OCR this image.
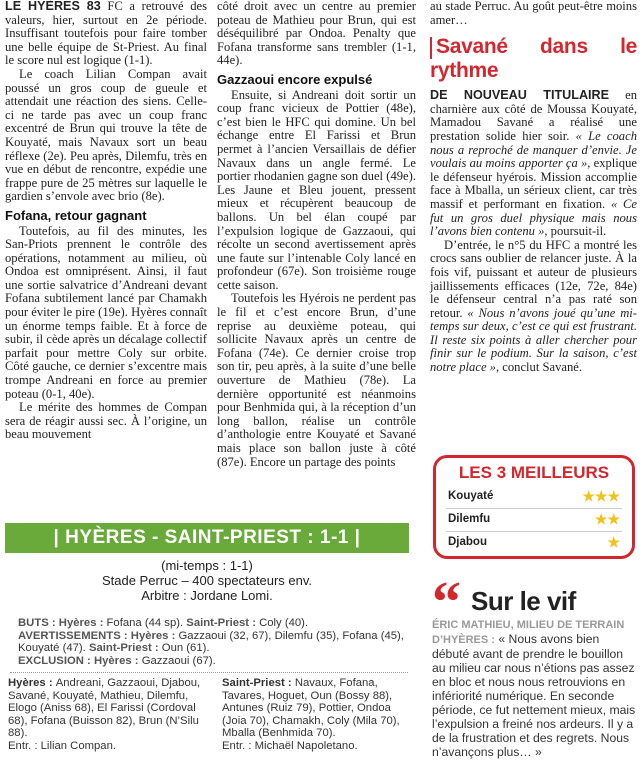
LE HYÈRES 83 FC a retrouvé des valeurs, hier, surtout en 2e période. Insuffisant toutefois pour faire tomber une belle équipe de St-Priest. Au final le score nul est logique (1-1).

Le coach Lilian Compan avait poussé un gros coup de gueule et attendait une réaction des siens. Celle-ci ne tarde pas avec un coup franc excentré de Brun qui trouve la tête de Kouyaté, mais Navaux sort un beau réflexe (2e). Peu après, Dilemfu, très en vue en début de rencontre, expédie une frappe pure de 25 mètres sur laquelle le gardien s’envole avec brio (8e).

Fofana, retour gagnant

Toutefois, au fil des minutes, les San-Priots prennent le contrôle des opérations, notamment au milieu, où Ondoa est omniprésent. Ainsi, il faut une sortie salvatrice d’Andreani devant Fofana subtilement lancé par Chamakh pour éviter le pire (19e). Hyères connaît un énorme temps faible. Et à force de subir, il cède après un décalage collectif parfait pour mettre Coly sur orbite. Côté gauche, ce dernier s’excentre mais trompe Andreani en force au premier poteau (0-1, 40e).

Le mérite des hommes de Compan sera de réagir aussi sec. À l’origine, un beau mouvement

côté droit avec un centre au premier poteau de Mathieu pour Brun, qui est déséquilibré par Ondoa. Penalty que Fofana transforme sans trembler (1-1, 44e).

Gazzaoui encore expulsé

Ensuite, si Andreani doit sortir un coup franc vicieux de Pottier (48e), c’est bien le HFC qui domine. Un bel échange entre El Farissi et Brun permet à l’ancien Versaillais de défier Navaux dans un angle fermé. Le portier rhodanien gagne son duel (49e). Les Jaune et Bleu jouent, pressent mieux et récupèrent beaucoup de ballons. Un bel élan coupé par l’expulsion logique de Gazzaoui, qui récolte un second avertissement après une faute sur l’intenable Coly lancé en profondeur (67e). Son troisième rouge cette saison.

Toutefois les Hyérois ne perdent pas le fil et c’est encore Brun, d’une reprise au deuxième poteau, qui sollicite Navaux après un centre de Fofana (74e). Ce dernier croise trop son tir, peu après, à la suite d’une belle ouverture de Mathieu (78e). La dernière opportunité est néanmoins pour Benhmida qui, à la réception d’un long ballon, réalise un contrôle d’anthologie entre Kouyaté et Savané mais place son ballon juste à côté (87e). Encore un partage des points

au stade Perruc. Au goût peut-être moins amer…

Savané dans le rythme

DE NOUVEAU TITULAIRE en charnière aux côté de Moussa Kouyaté, Mamadou Savané a réalisé une prestation solide hier soir. « Le coach nous a reproché de manquer d’envie. Je voulais au moins apporter ça », explique le défenseur hyérois. Mission accomplie face à Mballa, un sérieux client, car très massif et performant en fixation. « Ce fut un gros duel physique mais nous l’avons bien contenu », poursuit-il.

D’entrée, le n°5 du HFC a montré les crocs sans oublier de relancer juste. À la fois vif, puissant et auteur de plusieurs jaillissements efficaces (12e, 72e, 84e) le défenseur central n’a pas raté son retour. « Nous n’avons joué qu’une mi-temps sur deux, c’est ce qui est frustrant. Il reste six points à aller chercher pour finir sur le podium. Sur la saison, c’est notre place », conclut Savané.

| HYÈRES - SAINT-PRIEST : 1-1 |
(mi-temps : 1-1)
Stade Perruc – 400 spectateurs env.
Arbitre : Jordane Lomi.
BUTS : Hyères : Fofana (44 sp). Saint-Priest : Coly (40).
AVERTISSEMENTS : Hyères : Gazzaoui (32, 67), Dilemfu (35), Fofana (45), Kouyaté (47). Saint-Priest : Oun (61).
EXCLUSION : Hyères : Gazzaoui (67).
Hyères : Andreani, Gazzaoui, Djabou, Savané, Kouyaté, Mathieu, Dilemfu, Elogo (Aniss 68), El Farissi (Cordoval 68), Fofana (Buisson 82), Brun (N’Silu 88).
Entr. : Lilian Compan.
Saint-Priest : Navaux, Fofana, Tavares, Hoguet, Oun (Bossy 88), Antunes (Ruiz 79), Pottier, Ondoa (Joia 70), Chamakh, Coly (Mila 70), Mballa (Benhmida 70).
Entr. : Michaël Napoletano.
LES 3 MEILLEURS
Kouyaté	★★★
Dilemfu	★★
Djabou	★
“ Sur le vif
ÉRIC MATHIEU, MILIEU DE TERRAIN D’HYÈRES : « Nous avons bien débuté avant de prendre le bouillon au milieu car nous n’étions pas assez en bloc et nous nous retrouvions en infériorité numérique. En seconde période, ce fut nettement mieux, mais l’expulsion a freiné nos ardeurs. Il y a de la frustration et des regrets. Nous n’avançons plus… »
